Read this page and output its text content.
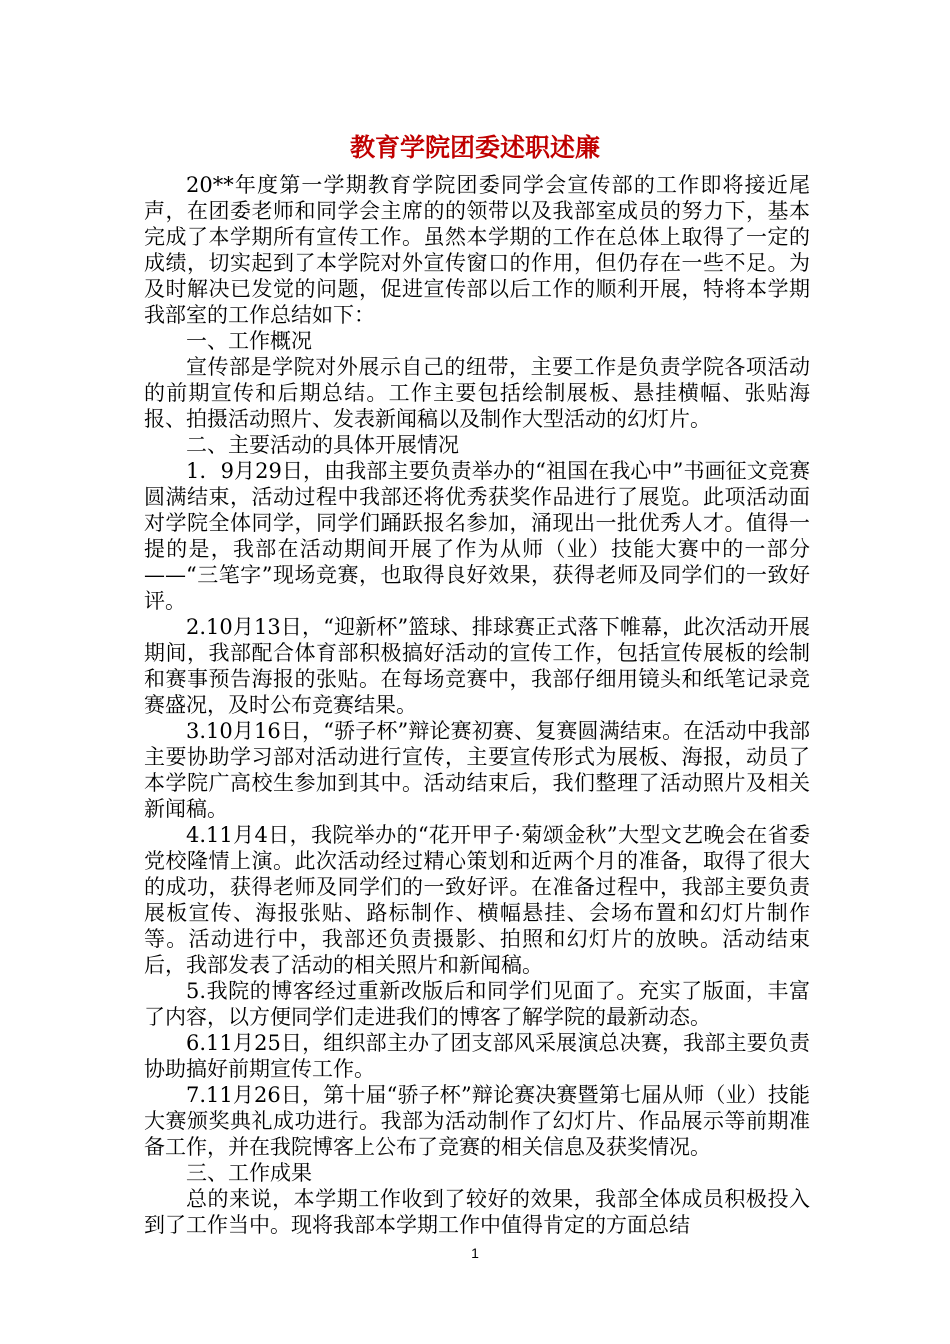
教育学院团委述职述廉

20**年度第一学期教育学院团委同学会宣传部的工作即将接近尾声，在团委老师和同学会主席的的领带以及我部室成员的努力下，基本完成了本学期所有宣传工作。虽然本学期的工作在总体上取得了一定的成绩，切实起到了本学院对外宣传窗口的作用，但仍存在一些不足。为及时解决已发觉的问题，促进宣传部以后工作的顺利开展，特将本学期我部室的工作总结如下：

一、工作概况

宣传部是学院对外展示自己的纽带，主要工作是负责学院各项活动的前期宣传和后期总结。工作主要包括绘制展板、悬挂横幅、张贴海报、拍摄活动照片、发表新闻稿以及制作大型活动的幻灯片。

二、主要活动的具体开展情况

1．9月29日，由我部主要负责举办的“祖国在我心中”书画征文竞赛圆满结束，活动过程中我部还将优秀获奖作品进行了展览。此项活动面对学院全体同学，同学们踊跃报名参加，涌现出一批优秀人才。值得一提的是，我部在活动期间开展了作为从师（业）技能大赛中的一部分——“三笔字”现场竞赛，也取得良好效果，获得老师及同学们的一致好评。

2.10月13日，“迎新杯”篮球、排球赛正式落下帷幕，此次活动开展期间，我部配合体育部积极搞好活动的宣传工作，包括宣传展板的绘制和赛事预告海报的张贴。在每场竞赛中，我部仔细用镜头和纸笔记录竞赛盛况，及时公布竞赛结果。

3.10月16日，“骄子杯”辩论赛初赛、复赛圆满结束。在活动中我部主要协助学习部对活动进行宣传，主要宣传形式为展板、海报，动员了本学院广高校生参加到其中。活动结束后，我们整理了活动照片及相关新闻稿。

4.11月4日，我院举办的“花开甲子·菊颂金秋”大型文艺晚会在省委党校隆情上演。此次活动经过精心策划和近两个月的准备，取得了很大的成功，获得老师及同学们的一致好评。在准备过程中，我部主要负责展板宣传、海报张贴、路标制作、横幅悬挂、会场布置和幻灯片制作等。活动进行中，我部还负责摄影、拍照和幻灯片的放映。活动结束后，我部发表了活动的相关照片和新闻稿。

5.我院的博客经过重新改版后和同学们见面了。充实了版面，丰富了内容，以方便同学们走进我们的博客了解学院的最新动态。

6.11月25日，组织部主办了团支部风采展演总决赛，我部主要负责协助搞好前期宣传工作。

7.11月26日，第十届“骄子杯”辩论赛决赛暨第七届从师（业）技能大赛颁奖典礼成功进行。我部为活动制作了幻灯片、作品展示等前期准备工作，并在我院博客上公布了竞赛的相关信息及获奖情况。

三、工作成果

总的来说，本学期工作收到了较好的效果，我部全体成员积极投入到了工作当中。现将我部本学期工作中值得肯定的方面总结

1
